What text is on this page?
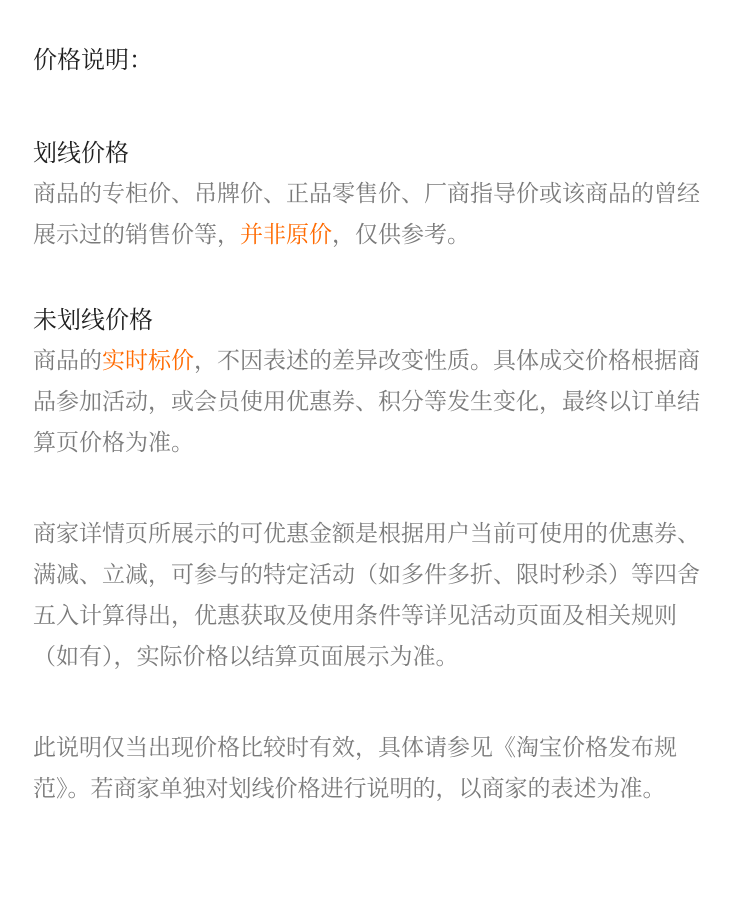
价格说明：

划线价格

商品的专柜价、吊牌价、正品零售价、厂商指导价或该商品的曾经展示过的销售价等，并非原价，仅供参考。

未划线价格

商品的实时标价，不因表述的差异改变性质。具体成交价格根据商品参加活动，或会员使用优惠券、积分等发生变化，最终以订单结算页价格为准。

商家详情页所展示的可优惠金额是根据用户当前可使用的优惠券、满减、立减，可参与的特定活动（如多件多折、限时秒杀）等四舍五入计算得出，优惠获取及使用条件等详见活动页面及相关规则（如有），实际价格以结算页面展示为准。

此说明仅当出现价格比较时有效，具体请参见《淘宝价格发布规范》。若商家单独对划线价格进行说明的，以商家的表述为准。
